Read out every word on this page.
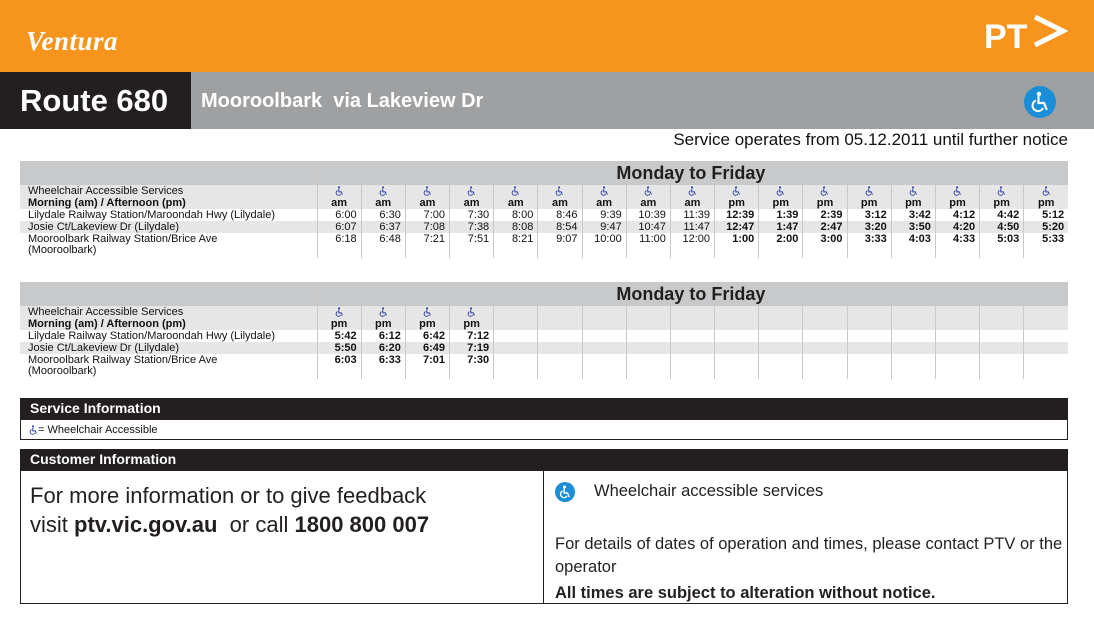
Ventura	PT
Route 680	Mooroolbark  via Lakeview Dr
Service operates from 05.12.2011 until further notice
	Monday to Friday																
Wheelchair Accessible Services																	
Morning (am) / Afternoon (pm)	am	am	am	am	am	am	am	am	am	pm	pm	pm	pm	pm	pm	pm	pm
Lilydale Railway Station/Maroondah Hwy (Lilydale)	6:00	6:30	7:00	7:30	8:00	8:46	9:39	10:39	11:39	12:39	1:39	2:39	3:12	3:42	4:12	4:42	5:12
Josie Ct/Lakeview Dr (Lilydale)	6:07	6:37	7:08	7:38	8:08	8:54	9:47	10:47	11:47	12:47	1:47	2:47	3:20	3:50	4:20	4:50	5:20
Mooroolbark Railway Station/Brice Ave
(Mooroolbark)	6:18	6:48	7:21	7:51	8:21	9:07	10:00	11:00	12:00	1:00	2:00	3:00	3:33	4:03	4:33	5:03	5:33
	Monday to Friday																
Wheelchair Accessible Services																	
Morning (am) / Afternoon (pm)	pm	pm	pm	pm													
Lilydale Railway Station/Maroondah Hwy (Lilydale)	5:42	6:12	6:42	7:12													
Josie Ct/Lakeview Dr (Lilydale)	5:50	6:20	6:49	7:19													
Mooroolbark Railway Station/Brice Ave
(Mooroolbark)	6:03	6:33	7:01	7:30													
Service Information
= Wheelchair Accessible
Customer Information
For more information or to give feedback
visit ptv.vic.gov.au  or call 1800 800 007
Wheelchair accessible services
For details of dates of operation and times, please contact PTV or the operator
All times are subject to alteration without notice.
